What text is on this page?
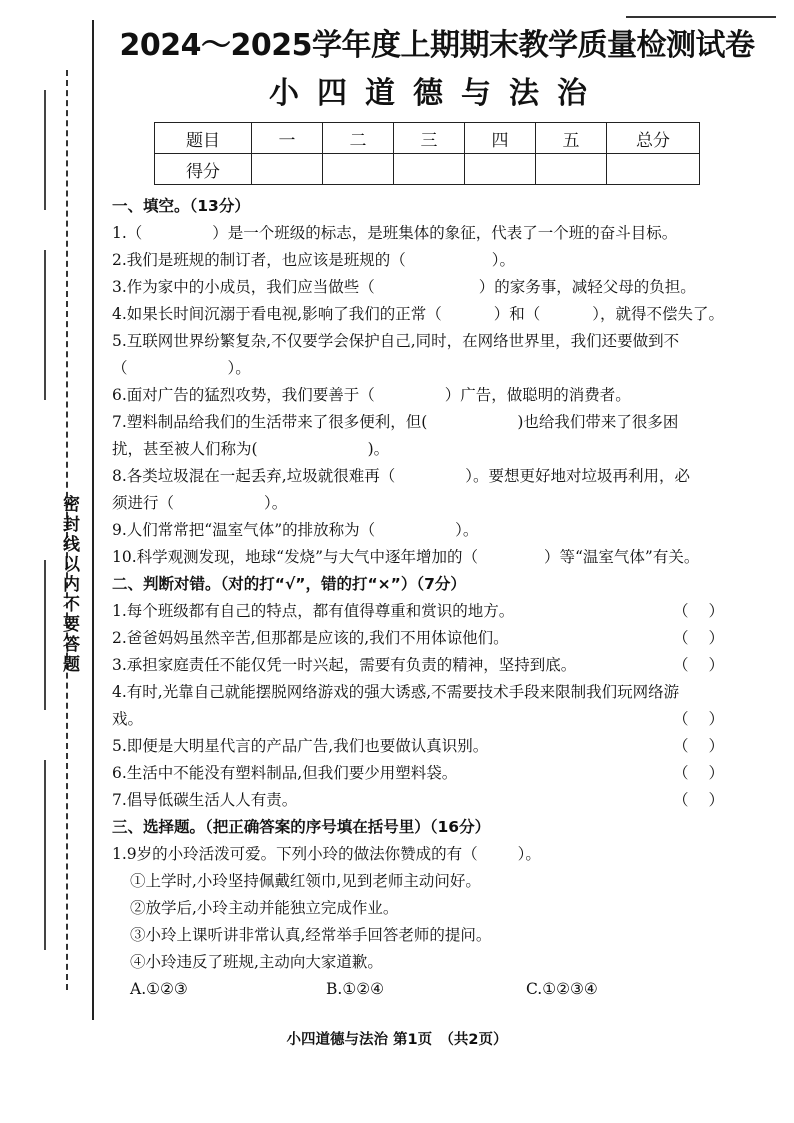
密封线以内不要答题
2024～2025学年度上期期末教学质量检测试卷
小四道德与法治
题目	一	二	三	四	五	总分
得分						
一、填空。（13分）
1.（	）是一个班级的标志，是班集体的象征，代表了一个班的奋斗目标。
2.我们是班规的制订者，也应该是班规的（	）。
3.作为家中的小成员，我们应当做些（	）的家务事，减轻父母的负担。
4.如果长时间沉溺于看电视,影响了我们的正常（	）和（	），就得不偿失了。
5.互联网世界纷繁复杂,不仅要学会保护自己,同时，在网络世界里，我们还要做到不
（	）。
6.面对广告的猛烈攻势，我们要善于（	）广告，做聪明的消费者。
7.塑料制品给我们的生活带来了很多便利，但(	)也给我们带来了很多困
扰，甚至被人们称为(	)。
8.各类垃圾混在一起丢弃,垃圾就很难再（	）。要想更好地对垃圾再利用，必
须进行（	）。
9.人们常常把“温室气体”的排放称为（	）。
10.科学观测发现，地球“发烧”与大气中逐年增加的（	）等“温室气体”有关。
二、判断对错。（对的打“√”，错的打“×”）（7分）
1.每个班级都有自己的特点，都有值得尊重和赏识的地方。	（）
2.爸爸妈妈虽然辛苦,但那都是应该的,我们不用体谅他们。	（）
3.承担家庭责任不能仅凭一时兴起，需要有负责的精神，坚持到底。	（）
4.有时,光靠自己就能摆脱网络游戏的强大诱惑,不需要技术手段来限制我们玩网络游
戏。	（）
5.即便是大明星代言的产品广告,我们也要做认真识别。	（）
6.生活中不能没有塑料制品,但我们要少用塑料袋。	（）
7.倡导低碳生活人人有责。	（）
三、选择题。（把正确答案的序号填在括号里）（16分）
1.9岁的小玲活泼可爱。下列小玲的做法你赞成的有（	）。
①上学时,小玲坚持佩戴红领巾,见到老师主动问好。
②放学后,小玲主动并能独立完成作业。
③小玲上课听讲非常认真,经常举手回答老师的提问。
④小玲违反了班规,主动向大家道歉。
A.①②③	B.①②④	C.①②③④
小四道德与法治 第1页　（共2页）
